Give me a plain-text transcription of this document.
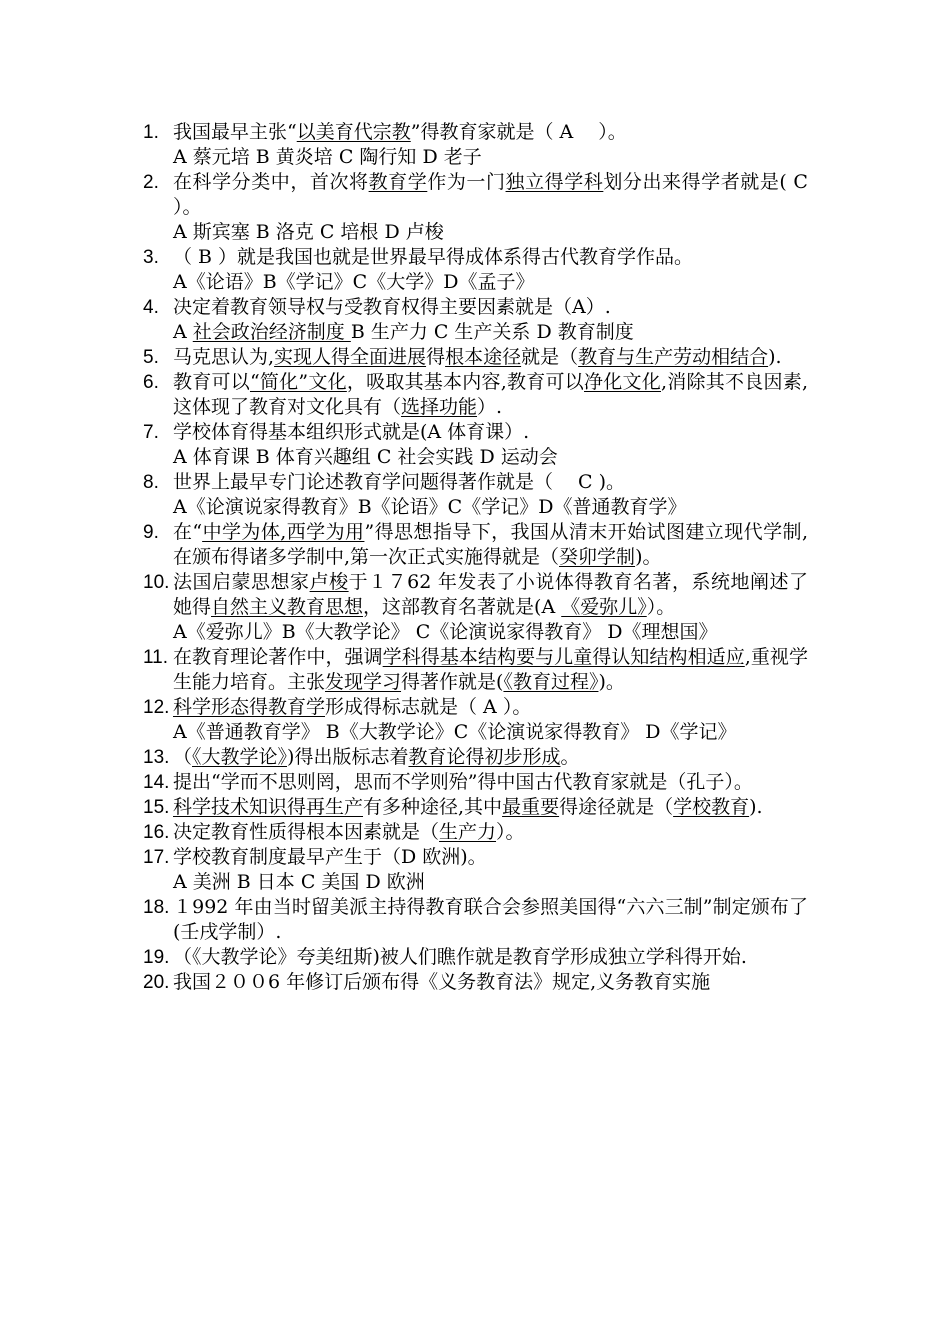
1. 我国最早主张“以美育代宗教”得教育家就是（ A　 ）。
A 蔡元培 B 黄炎培 C 陶行知 D 老子
2. 在科学分类中，首次将教育学作为一门独立得学科划分出来得学者就是( C ）。
A 斯宾塞 B 洛克 C 培根 D 卢梭
3. （ B ）就是我国也就是世界最早得成体系得古代教育学作品。
A《论语》B《学记》C《大学》D《孟子》
4. 决定着教育领导权与受教育权得主要因素就是（A）.
A 社会政治经济制度 B 生产力 C 生产关系 D 教育制度
5. 马克思认为,实现人得全面进展得根本途径就是（教育与生产劳动相结合).
6. 教育可以“简化”文化，吸取其基本内容,教育可以净化文化,消除其不良因素,这体现了教育对文化具有（选择功能）.
7. 学校体育得基本组织形式就是(A 体育课）.
A 体育课 B 体育兴趣组 C 社会实践 D 运动会
8. 世界上最早专门论述教育学问题得著作就是（　 C )。
A《论演说家得教育》B《论语》C《学记》D《普通教育学》
9. 在“中学为体,西学为用”得思想指导下，我国从清末开始试图建立现代学制,在颁布得诸多学制中,第一次正式实施得就是（癸卯学制)。
10. 法国启蒙思想家卢梭于１７62 年发表了小说体得教育名著，系统地阐述了她得自然主义教育思想，这部教育名著就是(A 《爱弥儿》）。
A《爱弥儿》B《大教学论》 C《论演说家得教育》 D《理想国》
11. 在教育理论著作中，强调学科得基本结构要与儿童得认知结构相适应,重视学生能力培育。主张发现学习得著作就是(《教育过程》)。
12. 科学形态得教育学形成得标志就是（ A ）。
A《普通教育学》 B《大教学论》C《论演说家得教育》 D《学记》
13. （《大教学论》)得出版标志着教育论得初步形成。
14. 提出“学而不思则罔，思而不学则殆”得中国古代教育家就是（孔子）。
15. 科学技术知识得再生产有多种途径,其中最重要得途径就是（学校教育).
16. 决定教育性质得根本因素就是（生产力）。
17. 学校教育制度最早产生于（D 欧洲)。
A 美洲 B 日本 C 美国 D 欧洲
18. １992 年由当时留美派主持得教育联合会参照美国得“六六三制”制定颁布了(壬戌学制）.
19. （《大教学论》夸美纽斯)被人们瞧作就是教育学形成独立学科得开始.
20. 我国２００6 年修订后颁布得《义务教育法》规定,义务教育实施
